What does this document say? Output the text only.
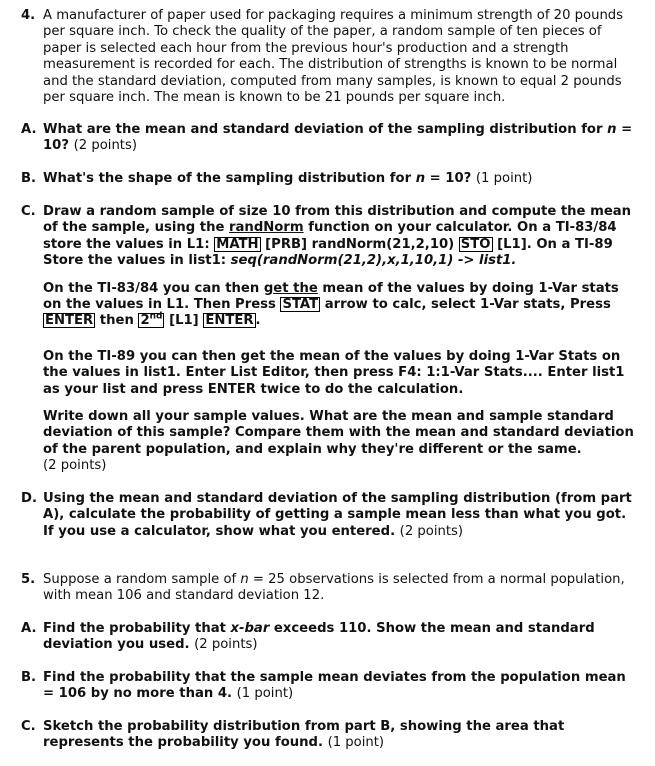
4. A manufacturer of paper used for packaging requires a minimum strength of 20 pounds per square inch. To check the quality of the paper, a random sample of ten pieces of paper is selected each hour from the previous hour's production and a strength measurement is recorded for each. The distribution of strengths is known to be normal and the standard deviation, computed from many samples, is known to equal 2 pounds per square inch. The mean is known to be 21 pounds per square inch.

A. What are the mean and standard deviation of the sampling distribution for n = 10? (2 points)

B. What's the shape of the sampling distribution for n = 10? (1 point)

C. Draw a random sample of size 10 from this distribution and compute the mean of the sample, using the randNorm function on your calculator. On a TI-83/84 store the values in L1: MATH [PRB] randNorm(21,2,10) STO [L1]. On a TI-89 Store the values in list1: seq(randNorm(21,2),x,1,10,1) -> list1.

On the TI-83/84 you can then get the mean of the values by doing 1-Var stats on the values in L1. Then Press STAT arrow to calc, select 1-Var stats, Press ENTER then 2nd [L1] ENTER .

On the TI-89 you can then get the mean of the values by doing 1-Var Stats on the values in list1. Enter List Editor, then press F4: 1:1-Var Stats.... Enter list1 as your list and press ENTER twice to do the calculation.

Write down all your sample values. What are the mean and sample standard deviation of this sample? Compare them with the mean and standard deviation of the parent population, and explain why they're different or the same.

(2 points)

D. Using the mean and standard deviation of the sampling distribution (from part A), calculate the probability of getting a sample mean less than what you got. If you use a calculator, show what you entered. (2 points)

5. Suppose a random sample of n = 25 observations is selected from a normal population, with mean 106 and standard deviation 12.

A. Find the probability that x-bar exceeds 110. Show the mean and standard deviation you used. (2 points)

B. Find the probability that the sample mean deviates from the population mean = 106 by no more than 4. (1 point)

C. Sketch the probability distribution from part B, showing the area that represents the probability you found. (1 point)
